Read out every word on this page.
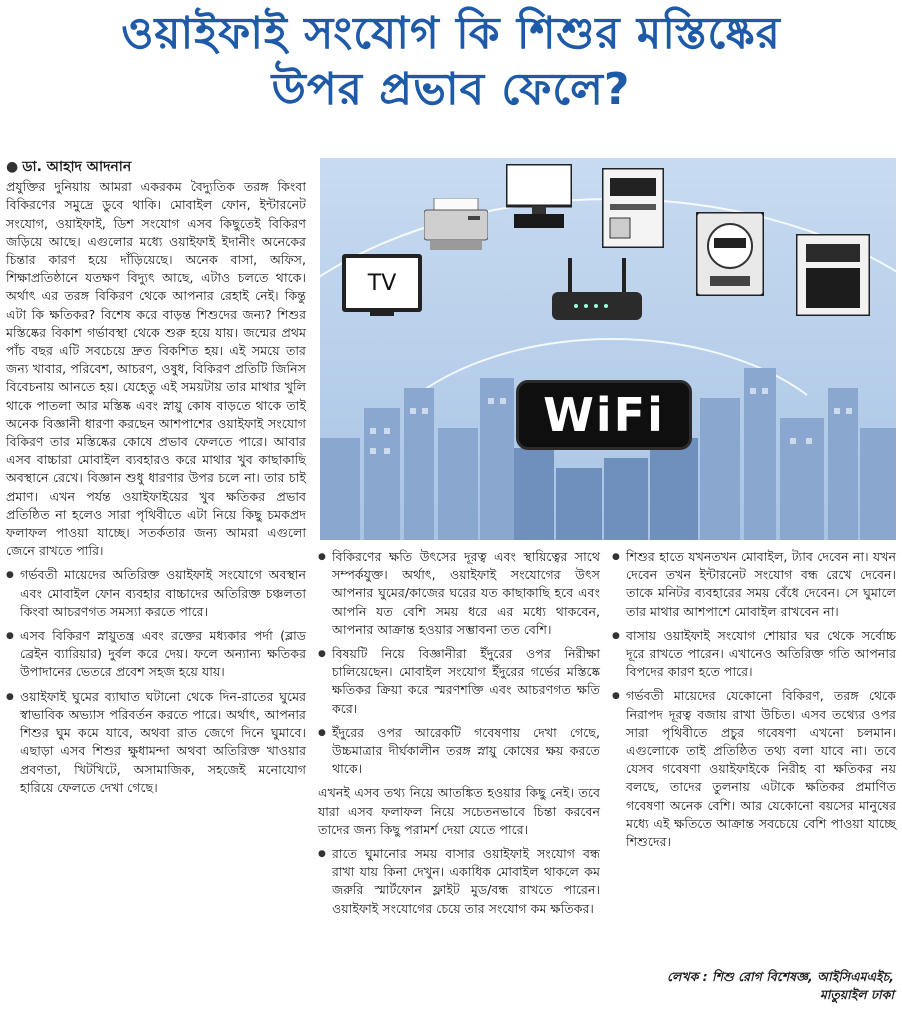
ওয়াইফাই সংযোগ কি শিশুর মস্তিষ্কের
উপর প্রভাব ফেলে?
● ডা. আহাদ আদনান

প্রযুক্তির দুনিয়ায় আমরা একরকম বৈদ্যুতিক তরঙ্গ কিংবা বিকিরণের সমুদ্রে ডুবে থাকি। মোবাইল ফোন, ইন্টারনেট সংযোগ, ওয়াইফাই, ডিশ সংযোগ এসব কিছুতেই বিকিরণ জড়িয়ে আছে। এগুলোর মধ্যে ওয়াইফাই ইদানীং অনেকের চিন্তার কারণ হয়ে দাঁড়িয়েছে। অনেক বাসা, অফিস, শিক্ষাপ্রতিষ্ঠানে যতক্ষণ বিদ্যুৎ আছে, এটাও চলতে থাকে। অর্থাৎ এর তরঙ্গ বিকিরণ থেকে আপনার রেহাই নেই। কিন্তু এটা কি ক্ষতিকর? বিশেষ করে বাড়ন্ত শিশুদের জন্য? শিশুর মস্তিষ্কের বিকাশ গর্ভাবস্থা থেকে শুরু হয়ে যায়। জন্মের প্রথম পাঁচ বছর এটি সবচেয়ে দ্রুত বিকশিত হয়। এই সময়ে তার জন্য খাবার, পরিবেশ, আচরণ, ওষুধ, বিকিরণ প্রতিটি জিনিস বিবেচনায় আনতে হয়। যেহেতু এই সময়টায় তার মাথার খুলি থাকে পাতলা আর মস্তিষ্ক এবং স্নায়ু কোষ বাড়তে থাকে তাই অনেক বিজ্ঞানী ধারণা করছেন আশপাশের ওয়াইফাই সংযোগ বিকিরণ তার মস্তিষ্কের কোষে প্রভাব ফেলতে পারে। আবার এসব বাচ্চারা মোবাইল ব্যবহারও করে মাথার খুব কাছাকাছি অবস্থানে রেখে। বিজ্ঞান শুধু ধারণার উপর চলে না। তার চাই প্রমাণ। এখন পর্যন্ত ওয়াইফাইয়ের খুব ক্ষতিকর প্রভাব প্রতিষ্ঠিত না হলেও সারা পৃথিবীতে এটা নিয়ে কিছু চমকপ্রদ ফলাফল পাওয়া যাচ্ছে। সতর্কতার জন্য আমরা এগুলো জেনে রাখতে পারি।

● গর্ভবতী মায়েদের অতিরিক্ত ওয়াইফাই সংযোগে অবস্থান এবং মোবাইল ফোন ব্যবহার বাচ্চাদের অতিরিক্ত চঞ্চলতা কিংবা আচরণগত সমস্যা করতে পারে।

● এসব বিকিরণ স্নায়ুতন্ত্র এবং রক্তের মধ্যকার পর্দা (ব্লাড ব্রেইন ব্যারিয়ার) দুর্বল করে দেয়। ফলে অন্যান্য ক্ষতিকর উপাদানের ভেতরে প্রবেশ সহজ হয়ে যায়।

● ওয়াইফাই ঘুমের ব্যাঘাত ঘটানো থেকে দিন-রাতের ঘুমের স্বাভাবিক অভ্যাস পরিবর্তন করতে পারে। অর্থাৎ, আপনার শিশুর ঘুম কমে যাবে, অথবা রাত জেগে দিনে ঘুমাবে। এছাড়া এসব শিশুর ক্ষুধামন্দা অথবা অতিরিক্ত খাওয়ার প্রবণতা, খিটখিটে, অসামাজিক, সহজেই মনোযোগ হারিয়ে ফেলতে দেখা গেছে।

TV
WiFi

● বিকিরণের ক্ষতি উৎসের দূরত্ব এবং স্থায়িত্বের সাথে সম্পর্কযুক্ত। অর্থাৎ, ওয়াইফাই সংযোগের উৎস আপনার ঘুমের/কাজের ঘরের যত কাছাকাছি হবে এবং আপনি যত বেশি সময় ধরে এর মধ্যে থাকবেন, আপনার আক্রান্ত হওয়ার সম্ভাবনা তত বেশি।

● বিষয়টি নিয়ে বিজ্ঞানীরা ইঁদুরের ওপর নিরীক্ষা চালিয়েছেন। মোবাইল সংযোগ ইঁদুরের গর্ভের মস্তিষ্কে ক্ষতিকর ক্রিয়া করে স্মরণশক্তি এবং আচরণগত ক্ষতি করে।

● ইঁদুরের ওপর আরেকটি গবেষণায় দেখা গেছে, উচ্চমাত্রার দীর্ঘকালীন তরঙ্গ স্নায়ু কোষের ক্ষয় করতে থাকে।

এখনই এসব তথ্য নিয়ে আতঙ্কিত হওয়ার কিছু নেই। তবে যারা এসব ফলাফল নিয়ে সচেতনভাবে চিন্তা করবেন তাদের জন্য কিছু পরামর্শ দেয়া যেতে পারে।

● রাতে ঘুমানোর সময় বাসার ওয়াইফাই সংযোগ বন্ধ রাখা যায় কিনা দেখুন। একাধিক মোবাইল থাকলে কম জরুরি স্মার্টফোন ফ্লাইট মুড/বন্ধ রাখতে পারেন। ওয়াইফাই সংযোগের চেয়ে তার সংযোগ কম ক্ষতিকর।

● শিশুর হাতে যখনতখন মোবাইল, ট্যাব দেবেন না। যখন দেবেন তখন ইন্টারনেট সংযোগ বন্ধ রেখে দেবেন। তাকে মনিটর ব্যবহারের সময় বেঁধে দেবেন। সে ঘুমালে তার মাথার আশপাশে মোবাইল রাখবেন না।

● বাসায় ওয়াইফাই সংযোগ শোয়ার ঘর থেকে সর্বোচ্চ দূরে রাখতে পারেন। এখানেও অতিরিক্ত গতি আপনার বিপদের কারণ হতে পারে।

● গর্ভবতী মায়েদের যেকোনো বিকিরণ, তরঙ্গ থেকে নিরাপদ দূরত্ব বজায় রাখা উচিত। এসব তথ্যের ওপর সারা পৃথিবীতে প্রচুর গবেষণা এখনো চলমান। এগুলোকে তাই প্রতিষ্ঠিত তথ্য বলা যাবে না। তবে যেসব গবেষণা ওয়াইফাইকে নিরীহ বা ক্ষতিকর নয় বলছে, তাদের তুলনায় এটাকে ক্ষতিকর প্রমাণিত গবেষণা অনেক বেশি। আর যেকোনো বয়সের মানুষের মধ্যে এই ক্ষতিতে আক্রান্ত সবচেয়ে বেশি পাওয়া যাচ্ছে শিশুদের।

লেখক : শিশু রোগ বিশেষজ্ঞ, আইসিএমএইচ,
মাতুয়াইল ঢাকা
